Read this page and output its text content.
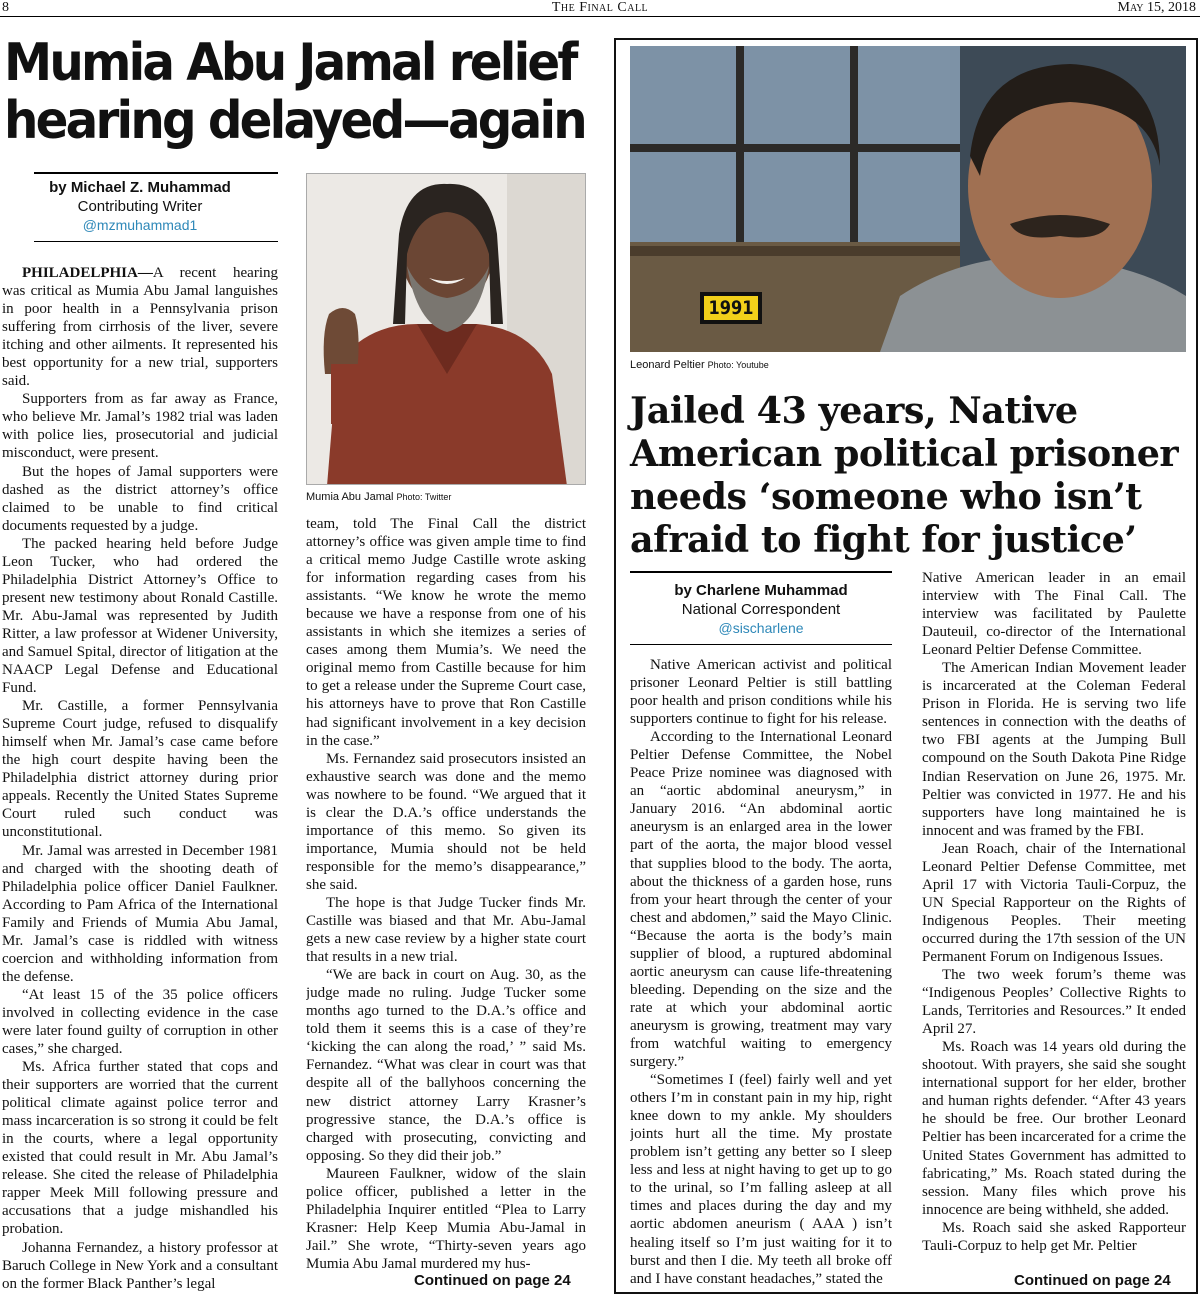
8	The Final Call	May 15, 2018
Mumia Abu Jamal relief
hearing delayed—again
by Michael Z. Muhammad
Contributing Writer
@mzmuhammad1

PHILADELPHIA—A recent hearing was critical as Mumia Abu Jamal languishes in poor health in a Pennsylvania prison suffering from cirrhosis of the liver, severe itching and other ailments. It represented his best opportunity for a new trial, supporters said.

Supporters from as far away as France, who believe Mr. Jamal’s 1982 trial was laden with police lies, prosecutorial and judicial misconduct, were present.

But the hopes of Jamal supporters were dashed as the district attorney’s office claimed to be unable to find critical documents requested by a judge.

The packed hearing held before Judge Leon Tucker, who had ordered the Philadelphia District Attorney’s Office to present new testimony about Ronald Castille. Mr. Abu-Jamal was represented by Judith Ritter, a law professor at Widener University, and Samuel Spital, director of litigation at the NAACP Legal Defense and Educational Fund.

Mr. Castille, a former Pennsylvania Supreme Court judge, refused to disqualify himself when Mr. Jamal’s case came before the high court despite having been the Philadelphia district attorney during prior appeals. Recently the United States Supreme Court ruled such conduct was unconstitutional.

Mr. Jamal was arrested in December 1981 and charged with the shooting death of Philadelphia police officer Daniel Faulkner. According to Pam Africa of the International Family and Friends of Mumia Abu Jamal, Mr. Jamal’s case is riddled with witness coercion and withholding information from the defense.

“At least 15 of the 35 police officers involved in collecting evidence in the case were later found guilty of corruption in other cases,” she charged.

Ms. Africa further stated that cops and their supporters are worried that the current political climate against police terror and mass incarceration is so strong it could be felt in the courts, where a legal opportunity existed that could result in Mr. Abu Jamal’s release. She cited the release of Philadelphia rapper Meek Mill following pressure and accusations that a judge mishandled his probation.

Johanna Fernandez, a history professor at Baruch College in New York and a consultant on the former Black Panther’s legal

Mumia Abu Jamal Photo: Twitter

team, told The Final Call the district attorney’s office was given ample time to find a critical memo Judge Castille wrote asking for information regarding cases from his assistants. “We know he wrote the memo because we have a response from one of his assistants in which she itemizes a series of cases among them Mumia’s. We need the original memo from Castille because for him to get a release under the Supreme Court case, his attorneys have to prove that Ron Castille had significant involvement in a key decision in the case.”

Ms. Fernandez said prosecutors insisted an exhaustive search was done and the memo was nowhere to be found. “We argued that it is clear the D.A.’s office understands the importance of this memo. So given its importance, Mumia should not be held responsible for the memo’s disappearance,” she said.

The hope is that Judge Tucker finds Mr. Castille was biased and that Mr. Abu-Jamal gets a new case review by a higher state court that results in a new trial.

“We are back in court on Aug. 30, as the judge made no ruling. Judge Tucker some months ago turned to the D.A.’s office and told them it seems this is a case of they’re ‘kicking the can along the road,’ ” said Ms. Fernandez. “What was clear in court was that despite all of the ballyhoos concerning the new district attorney Larry Krasner’s progressive stance, the D.A.’s office is charged with prosecuting, convicting and opposing. So they did their job.”

Maureen Faulkner, widow of the slain police officer, published a letter in the Philadelphia Inquirer entitled “Plea to Larry Krasner: Help Keep Mumia Abu-Jamal in Jail.” She wrote, “Thirty-seven years ago Mumia Abu Jamal murdered my hus-

Continued on page 24
1991
Leonard Peltier Photo: Youtube
Jailed 43 years, Native
American political prisoner
needs ‘someone who isn’t
afraid to fight for justice’
by Charlene Muhammad
National Correspondent
@sischarlene

Native American activist and political prisoner Leonard Peltier is still battling poor health and prison conditions while his supporters continue to fight for his release.

According to the International Leonard Peltier Defense Committee, the Nobel Peace Prize nominee was diagnosed with an “aortic abdominal aneurysm,” in January 2016. “An abdominal aortic aneurysm is an enlarged area in the lower part of the aorta, the major blood vessel that supplies blood to the body. The aorta, about the thickness of a garden hose, runs from your heart through the center of your chest and abdomen,” said the Mayo Clinic. “Because the aorta is the body’s main supplier of blood, a ruptured abdominal aortic aneurysm can cause life-threatening bleeding. Depending on the size and the rate at which your abdominal aortic aneurysm is growing, treatment may vary from watchful waiting to emergency surgery.”

“Sometimes I (feel) fairly well and yet others I’m in constant pain in my hip, right knee down to my ankle. My shoulders joints hurt all the time. My prostate problem isn’t getting any better so I sleep less and less at night having to get up to go to the urinal, so I’m falling asleep at all times and places during the day and my aortic abdomen aneurism ( AAA ) isn’t healing itself so I’m just waiting for it to burst and then I die. My teeth all broke off and I have constant headaches,” stated the

Native American leader in an email interview with The Final Call. The interview was facilitated by Paulette Dauteuil, co-director of the International Leonard Peltier Defense Committee.

The American Indian Movement leader is incarcerated at the Coleman Federal Prison in Florida. He is serving two life sentences in connection with the deaths of two FBI agents at the Jumping Bull compound on the South Dakota Pine Ridge Indian Reservation on June 26, 1975. Mr. Peltier was convicted in 1977. He and his supporters have long maintained he is innocent and was framed by the FBI.

Jean Roach, chair of the International Leonard Peltier Defense Committee, met April 17 with Victoria Tauli-Corpuz, the UN Special Rapporteur on the Rights of Indigenous Peoples. Their meeting occurred during the 17th session of the UN Permanent Forum on Indigenous Issues.

The two week forum’s theme was “Indigenous Peoples’ Collective Rights to Lands, Territories and Resources.” It ended April 27.

Ms. Roach was 14 years old during the shootout. With prayers, she said she sought international support for her elder, brother and human rights defender. “After 43 years he should be free. Our brother Leonard Peltier has been incarcerated for a crime the United States Government has admitted to fabricating,” Ms. Roach stated during the session. Many files which prove his innocence are being withheld, she added.

Ms. Roach said she asked Rapporteur Tauli-Corpuz to help get Mr. Peltier

Continued on page 24
